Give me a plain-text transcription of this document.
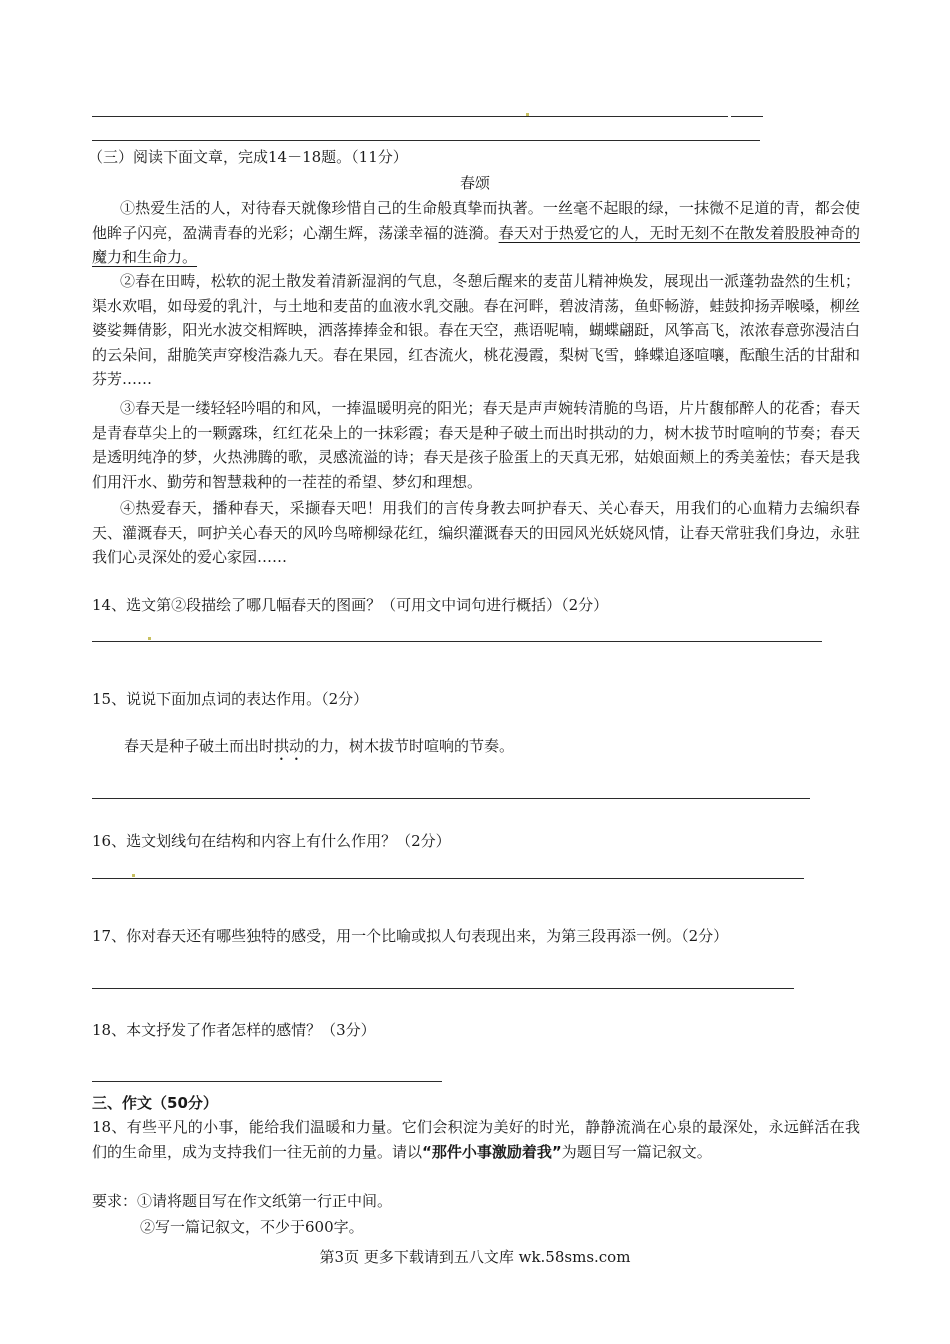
（三）阅读下面文章，完成14－18题。（11分）
春颂
①热爱生活的人，对待春天就像珍惜自己的生命般真挚而执著。一丝毫不起眼的绿，一抹微不足道的青，都会使他眸子闪亮，盈满青春的光彩；心潮生辉，荡漾幸福的涟漪。春天对于热爱它的人，无时无刻不在散发着股股神奇的魔力和生命力。
②春在田畴，松软的泥土散发着清新湿润的气息，冬憩后醒来的麦苗儿精神焕发，展现出一派蓬勃盎然的生机；渠水欢唱，如母爱的乳汁，与土地和麦苗的血液水乳交融。春在河畔，碧波清荡，鱼虾畅游，蛙鼓抑扬弄喉嗓，柳丝婆娑舞倩影，阳光水波交相辉映，洒落捧捧金和银。春在天空，燕语呢喃，蝴蝶翩跹，风筝高飞，浓浓春意弥漫洁白的云朵间，甜脆笑声穿梭浩淼九天。春在果园，红杏流火，桃花漫霞，梨树飞雪，蜂蝶追逐喧嚷，酝酿生活的甘甜和芬芳……
③春天是一缕轻轻吟唱的和风，一捧温暖明亮的阳光；春天是声声婉转清脆的鸟语，片片馥郁醉人的花香；春天是青春草尖上的一颗露珠，红红花朵上的一抹彩霞；春天是种子破土而出时拱动的力，树木拔节时喧响的节奏；春天是透明纯净的梦，火热沸腾的歌，灵感流溢的诗；春天是孩子脸蛋上的天真无邪，姑娘面颊上的秀美羞怯；春天是我们用汗水、勤劳和智慧栽种的一茬茬的希望、梦幻和理想。
④热爱春天，播种春天，采撷春天吧！用我们的言传身教去呵护春天、关心春天，用我们的心血精力去编织春天、灌溉春天，呵护关心春天的风吟鸟啼柳绿花红，编织灌溉春天的田园风光妖娆风情，让春天常驻我们身边，永驻我们心灵深处的爱心家园……
14、选文第②段描绘了哪几幅春天的图画？（可用文中词句进行概括）（2分）
15、说说下面加点词的表达作用。（2分）
春天是种子破土而出时拱动的力，树木拔节时喧响的节奏。
16、选文划线句在结构和内容上有什么作用？（2分）
17、你对春天还有哪些独特的感受，用一个比喻或拟人句表现出来，为第三段再添一例。（2分）
18、本文抒发了作者怎样的感情？（3分）
三、作文（50分）
18、有些平凡的小事，能给我们温暖和力量。它们会积淀为美好的时光，静静流淌在心泉的最深处，永远鲜活在我们的生命里，成为支持我们一往无前的力量。请以“那件小事激励着我”为题目写一篇记叙文。
要求：①请将题目写在作文纸第一行正中间。
②写一篇记叙文，不少于600字。
第3页 更多下载请到五八文库 wk.58sms.com
